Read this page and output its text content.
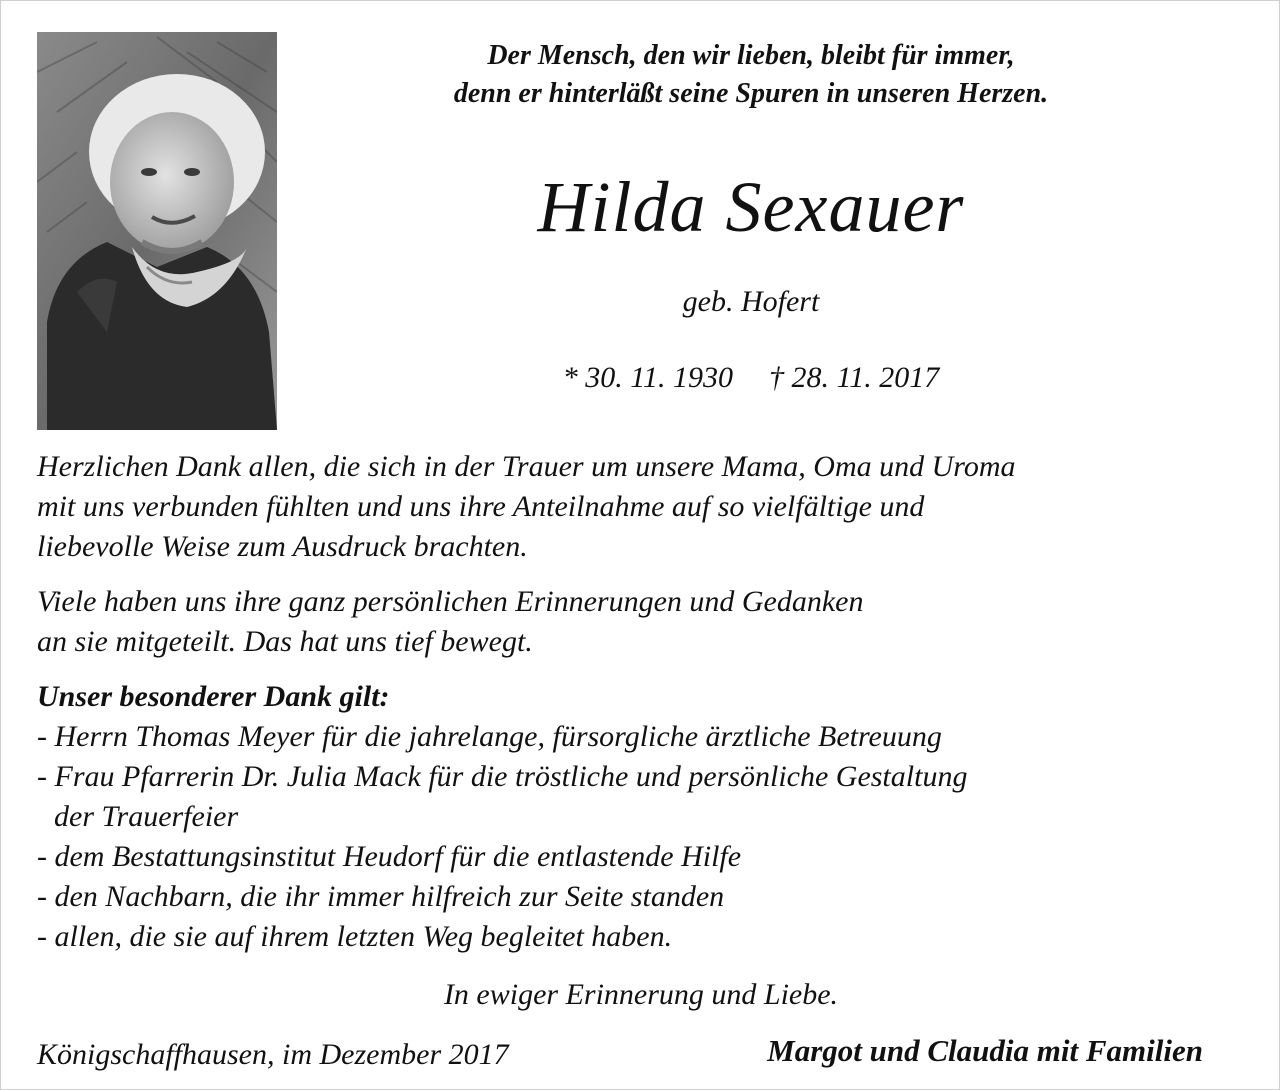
Der Mensch, den wir lieben, bleibt für immer,
denn er hinterläßt seine Spuren in unseren Herzen.
Hilda Sexauer
geb. Hofert
* 30. 11. 1930 † 28. 11. 2017
Herzlichen Dank allen, die sich in der Trauer um unsere Mama, Oma und Uroma
mit uns verbunden fühlten und uns ihre Anteilnahme auf so vielfältige und
liebevolle Weise zum Ausdruck brachten.
Viele haben uns ihre ganz persönlichen Erinnerungen und Gedanken
an sie mitgeteilt. Das hat uns tief bewegt.
Unser besonderer Dank gilt:
- Herrn Thomas Meyer für die jahrelange, fürsorgliche ärztliche Betreuung
- Frau Pfarrerin Dr. Julia Mack für die tröstliche und persönliche Gestaltung
der Trauerfeier
- dem Bestattungsinstitut Heudorf für die entlastende Hilfe
- den Nachbarn, die ihr immer hilfreich zur Seite standen
- allen, die sie auf ihrem letzten Weg begleitet haben.
In ewiger Erinnerung und Liebe.
Königschaffhausen, im Dezember 2017	Margot und Claudia mit Familien
